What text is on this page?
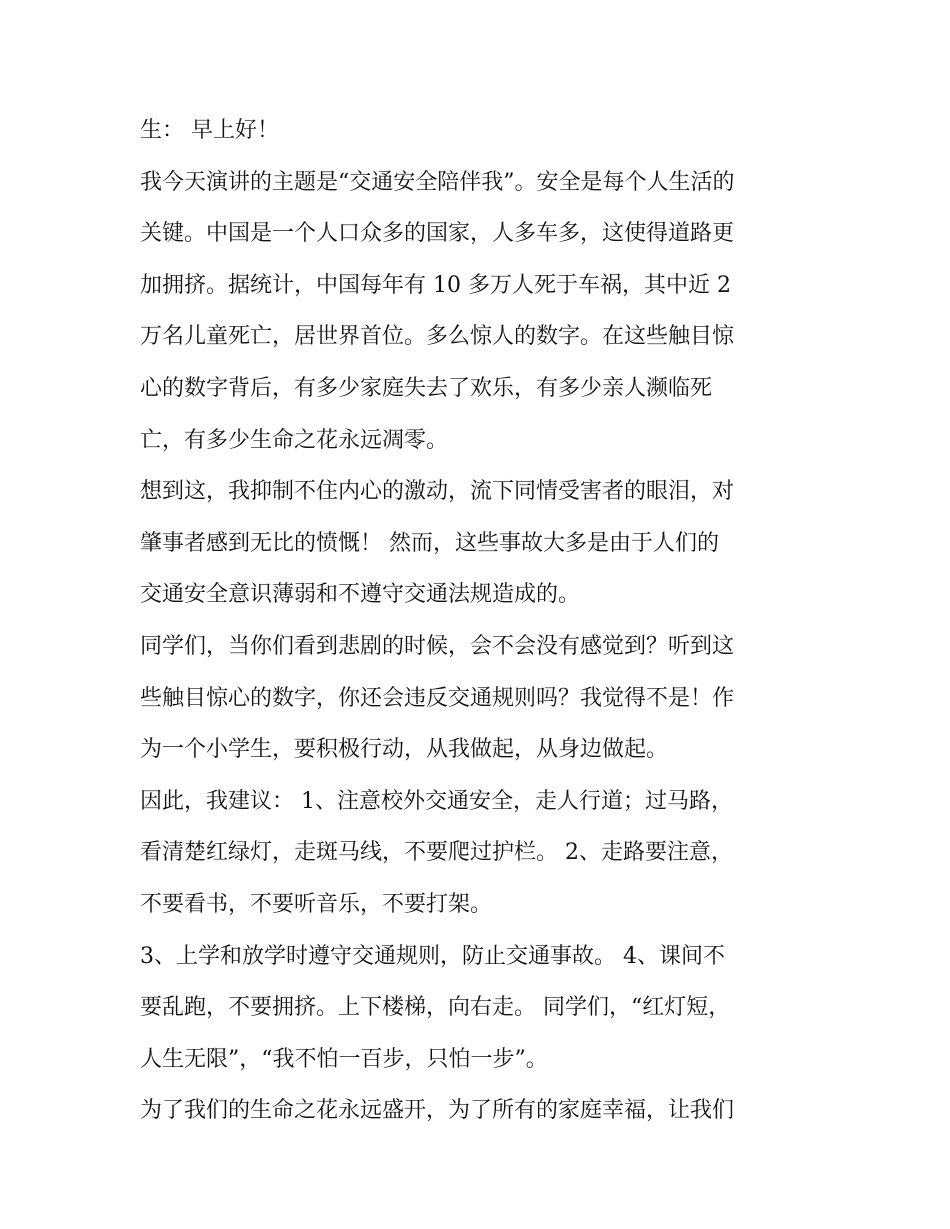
生： 早上好！
我今天演讲的主题是“交通安全陪伴我”。安全是每个人生活的
关键。中国是一个人口众多的国家，人多车多，这使得道路更
加拥挤。据统计，中国每年有 10 多万人死于车祸，其中近 2
万名儿童死亡，居世界首位。多么惊人的数字。在这些触目惊
心的数字背后，有多少家庭失去了欢乐，有多少亲人濒临死
亡，有多少生命之花永远凋零。
想到这，我抑制不住内心的激动，流下同情受害者的眼泪，对
肇事者感到无比的愤慨！ 然而，这些事故大多是由于人们的
交通安全意识薄弱和不遵守交通法规造成的。
同学们，当你们看到悲剧的时候，会不会没有感觉到？听到这
些触目惊心的数字，你还会违反交通规则吗？我觉得不是！作
为一个小学生，要积极行动，从我做起，从身边做起。
因此，我建议： 1、注意校外交通安全，走人行道；过马路，
看清楚红绿灯，走斑马线，不要爬过护栏。 2、走路要注意，
不要看书，不要听音乐，不要打架。
3、上学和放学时遵守交通规则，防止交通事故。 4、课间不
要乱跑，不要拥挤。上下楼梯，向右走。 同学们，“红灯短，
人生无限”，“我不怕一百步，只怕一步”。
为了我们的生命之花永远盛开，为了所有的家庭幸福，让我们
